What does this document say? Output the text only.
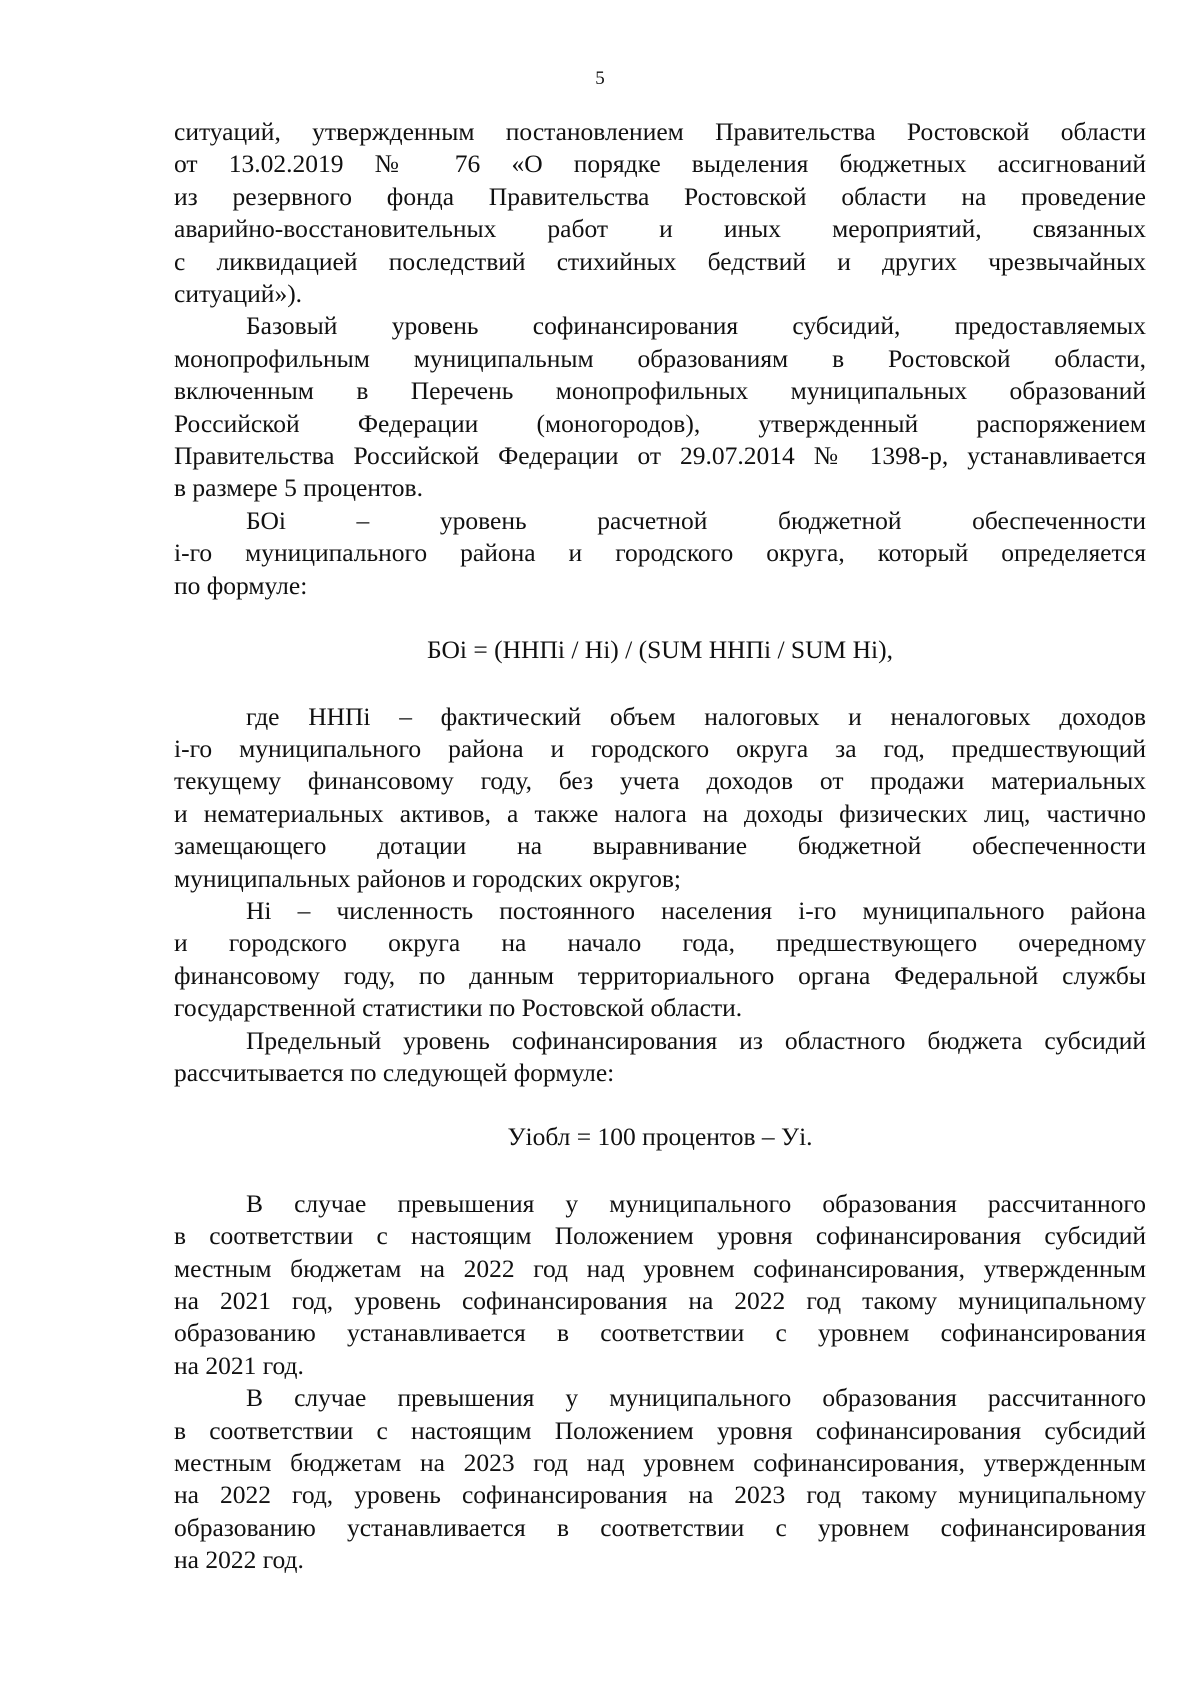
5
ситуаций, утвержденным постановлением Правительства Ростовской области
от 13.02.2019 № 76 «О порядке выделения бюджетных ассигнований
из резервного фонда Правительства Ростовской области на проведение
аварийно-восстановительных работ и иных мероприятий, связанных
с ликвидацией последствий стихийных бедствий и других чрезвычайных
ситуаций»).
Базовый уровень софинансирования субсидий, предоставляемых
монопрофильным муниципальным образованиям в Ростовской области,
включенным в Перечень монопрофильных муниципальных образований
Российской Федерации (моногородов), утвержденный распоряжением
Правительства Российской Федерации от 29.07.2014 № 1398-р, устанавливается
в размере 5 процентов.
БОi – уровень расчетной бюджетной обеспеченности
i-го муниципального района и городского округа, который определяется
по формуле:
БОi = (ННПi / Нi) / (SUM ННПi / SUM Нi),
где ННПi – фактический объем налоговых и неналоговых доходов
i-го муниципального района и городского округа за год, предшествующий
текущему финансовому году, без учета доходов от продажи материальных
и нематериальных активов, а также налога на доходы физических лиц, частично
замещающего дотации на выравнивание бюджетной обеспеченности
муниципальных районов и городских округов;
Нi – численность постоянного населения i-го муниципального района
и городского округа на начало года, предшествующего очередному
финансовому году, по данным территориального органа Федеральной службы
государственной статистики по Ростовской области.
Предельный уровень софинансирования из областного бюджета субсидий
рассчитывается по следующей формуле:
Уiобл = 100 процентов – Уi.
В случае превышения у муниципального образования рассчитанного
в соответствии с настоящим Положением уровня софинансирования субсидий
местным бюджетам на 2022 год над уровнем софинансирования, утвержденным
на 2021 год, уровень софинансирования на 2022 год такому муниципальному
образованию устанавливается в соответствии с уровнем софинансирования
на 2021 год.
В случае превышения у муниципального образования рассчитанного
в соответствии с настоящим Положением уровня софинансирования субсидий
местным бюджетам на 2023 год над уровнем софинансирования, утвержденным
на 2022 год, уровень софинансирования на 2023 год такому муниципальному
образованию устанавливается в соответствии с уровнем софинансирования
на 2022 год.
